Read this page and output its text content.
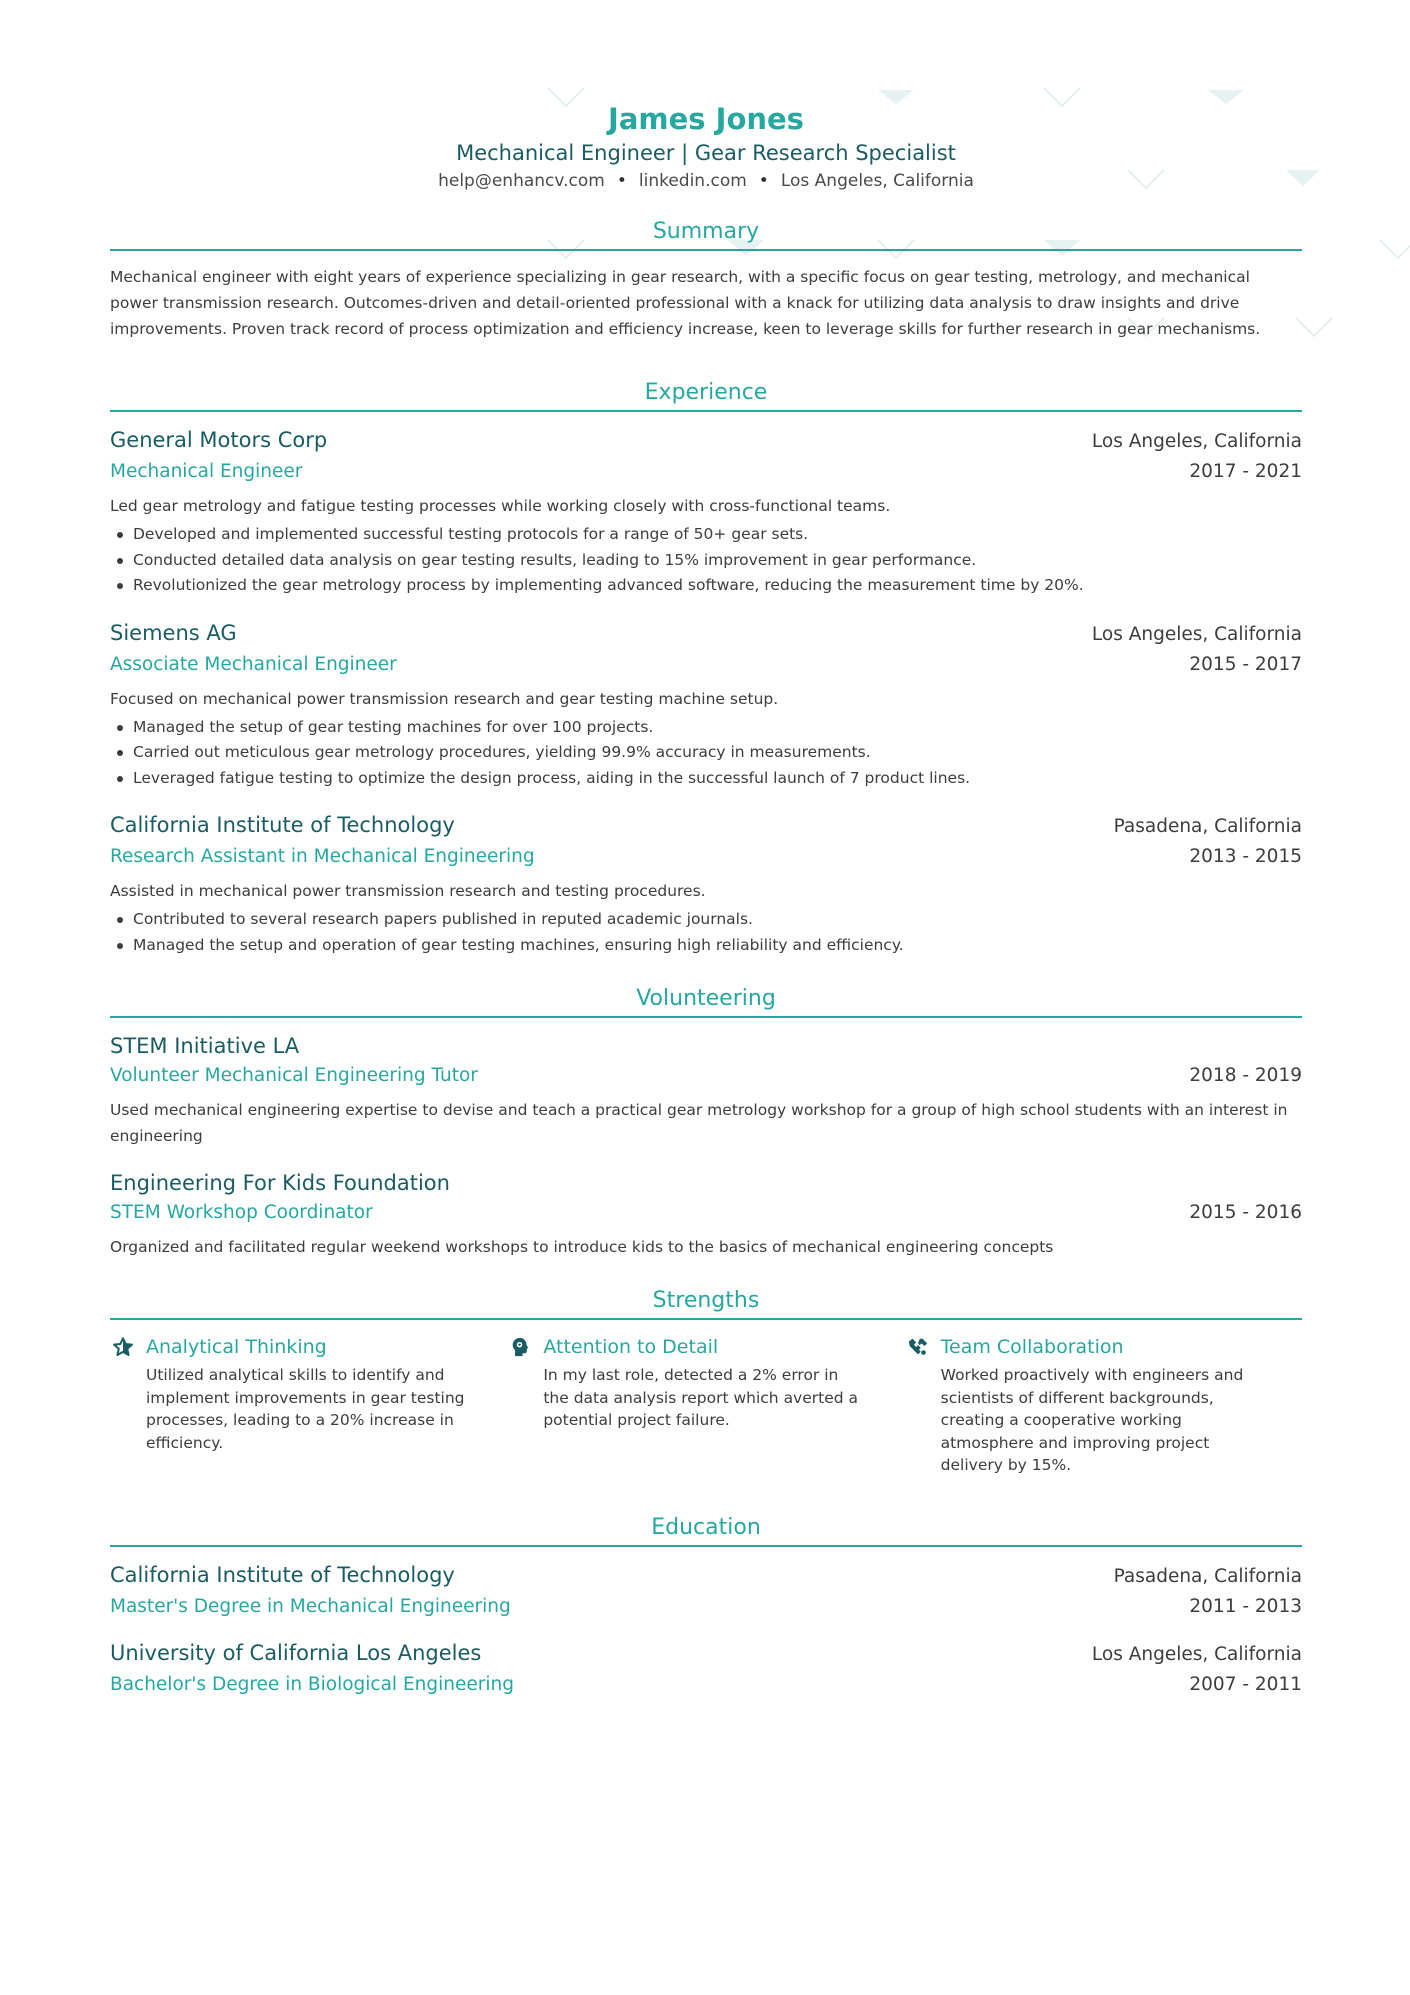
James Jones
Mechanical Engineer | Gear Research Specialist
help@enhancv.com • linkedin.com • Los Angeles, California
Summary
Mechanical engineer with eight years of experience specializing in gear research, with a specific focus on gear testing, metrology, and mechanical power transmission research. Outcomes-driven and detail-oriented professional with a knack for utilizing data analysis to draw insights and drive improvements. Proven track record of process optimization and efficiency increase, keen to leverage skills for further research in gear mechanisms.
Experience
General Motors Corp	Los Angeles, California
Mechanical Engineer	2017 - 2021
Led gear metrology and fatigue testing processes while working closely with cross-functional teams.
Developed and implemented successful testing protocols for a range of 50+ gear sets.
Conducted detailed data analysis on gear testing results, leading to 15% improvement in gear performance.
Revolutionized the gear metrology process by implementing advanced software, reducing the measurement time by 20%.
Siemens AG	Los Angeles, California
Associate Mechanical Engineer	2015 - 2017
Focused on mechanical power transmission research and gear testing machine setup.
Managed the setup of gear testing machines for over 100 projects.
Carried out meticulous gear metrology procedures, yielding 99.9% accuracy in measurements.
Leveraged fatigue testing to optimize the design process, aiding in the successful launch of 7 product lines.
California Institute of Technology	Pasadena, California
Research Assistant in Mechanical Engineering	2013 - 2015
Assisted in mechanical power transmission research and testing procedures.
Contributed to several research papers published in reputed academic journals.
Managed the setup and operation of gear testing machines, ensuring high reliability and efficiency.
Volunteering
STEM Initiative LA
Volunteer Mechanical Engineering Tutor	2018 - 2019
Used mechanical engineering expertise to devise and teach a practical gear metrology workshop for a group of high school students with an interest in engineering
Engineering For Kids Foundation
STEM Workshop Coordinator	2015 - 2016
Organized and facilitated regular weekend workshops to introduce kids to the basics of mechanical engineering concepts
Strengths
Analytical Thinking
Utilized analytical skills to identify and implement improvements in gear testing processes, leading to a 20% increase in efficiency.
Attention to Detail
In my last role, detected a 2% error in the data analysis report which averted a potential project failure.
Team Collaboration
Worked proactively with engineers and scientists of different backgrounds, creating a cooperative working atmosphere and improving project delivery by 15%.
Education
California Institute of Technology	Pasadena, California
Master's Degree in Mechanical Engineering	2011 - 2013
University of California Los Angeles	Los Angeles, California
Bachelor's Degree in Biological Engineering	2007 - 2011
